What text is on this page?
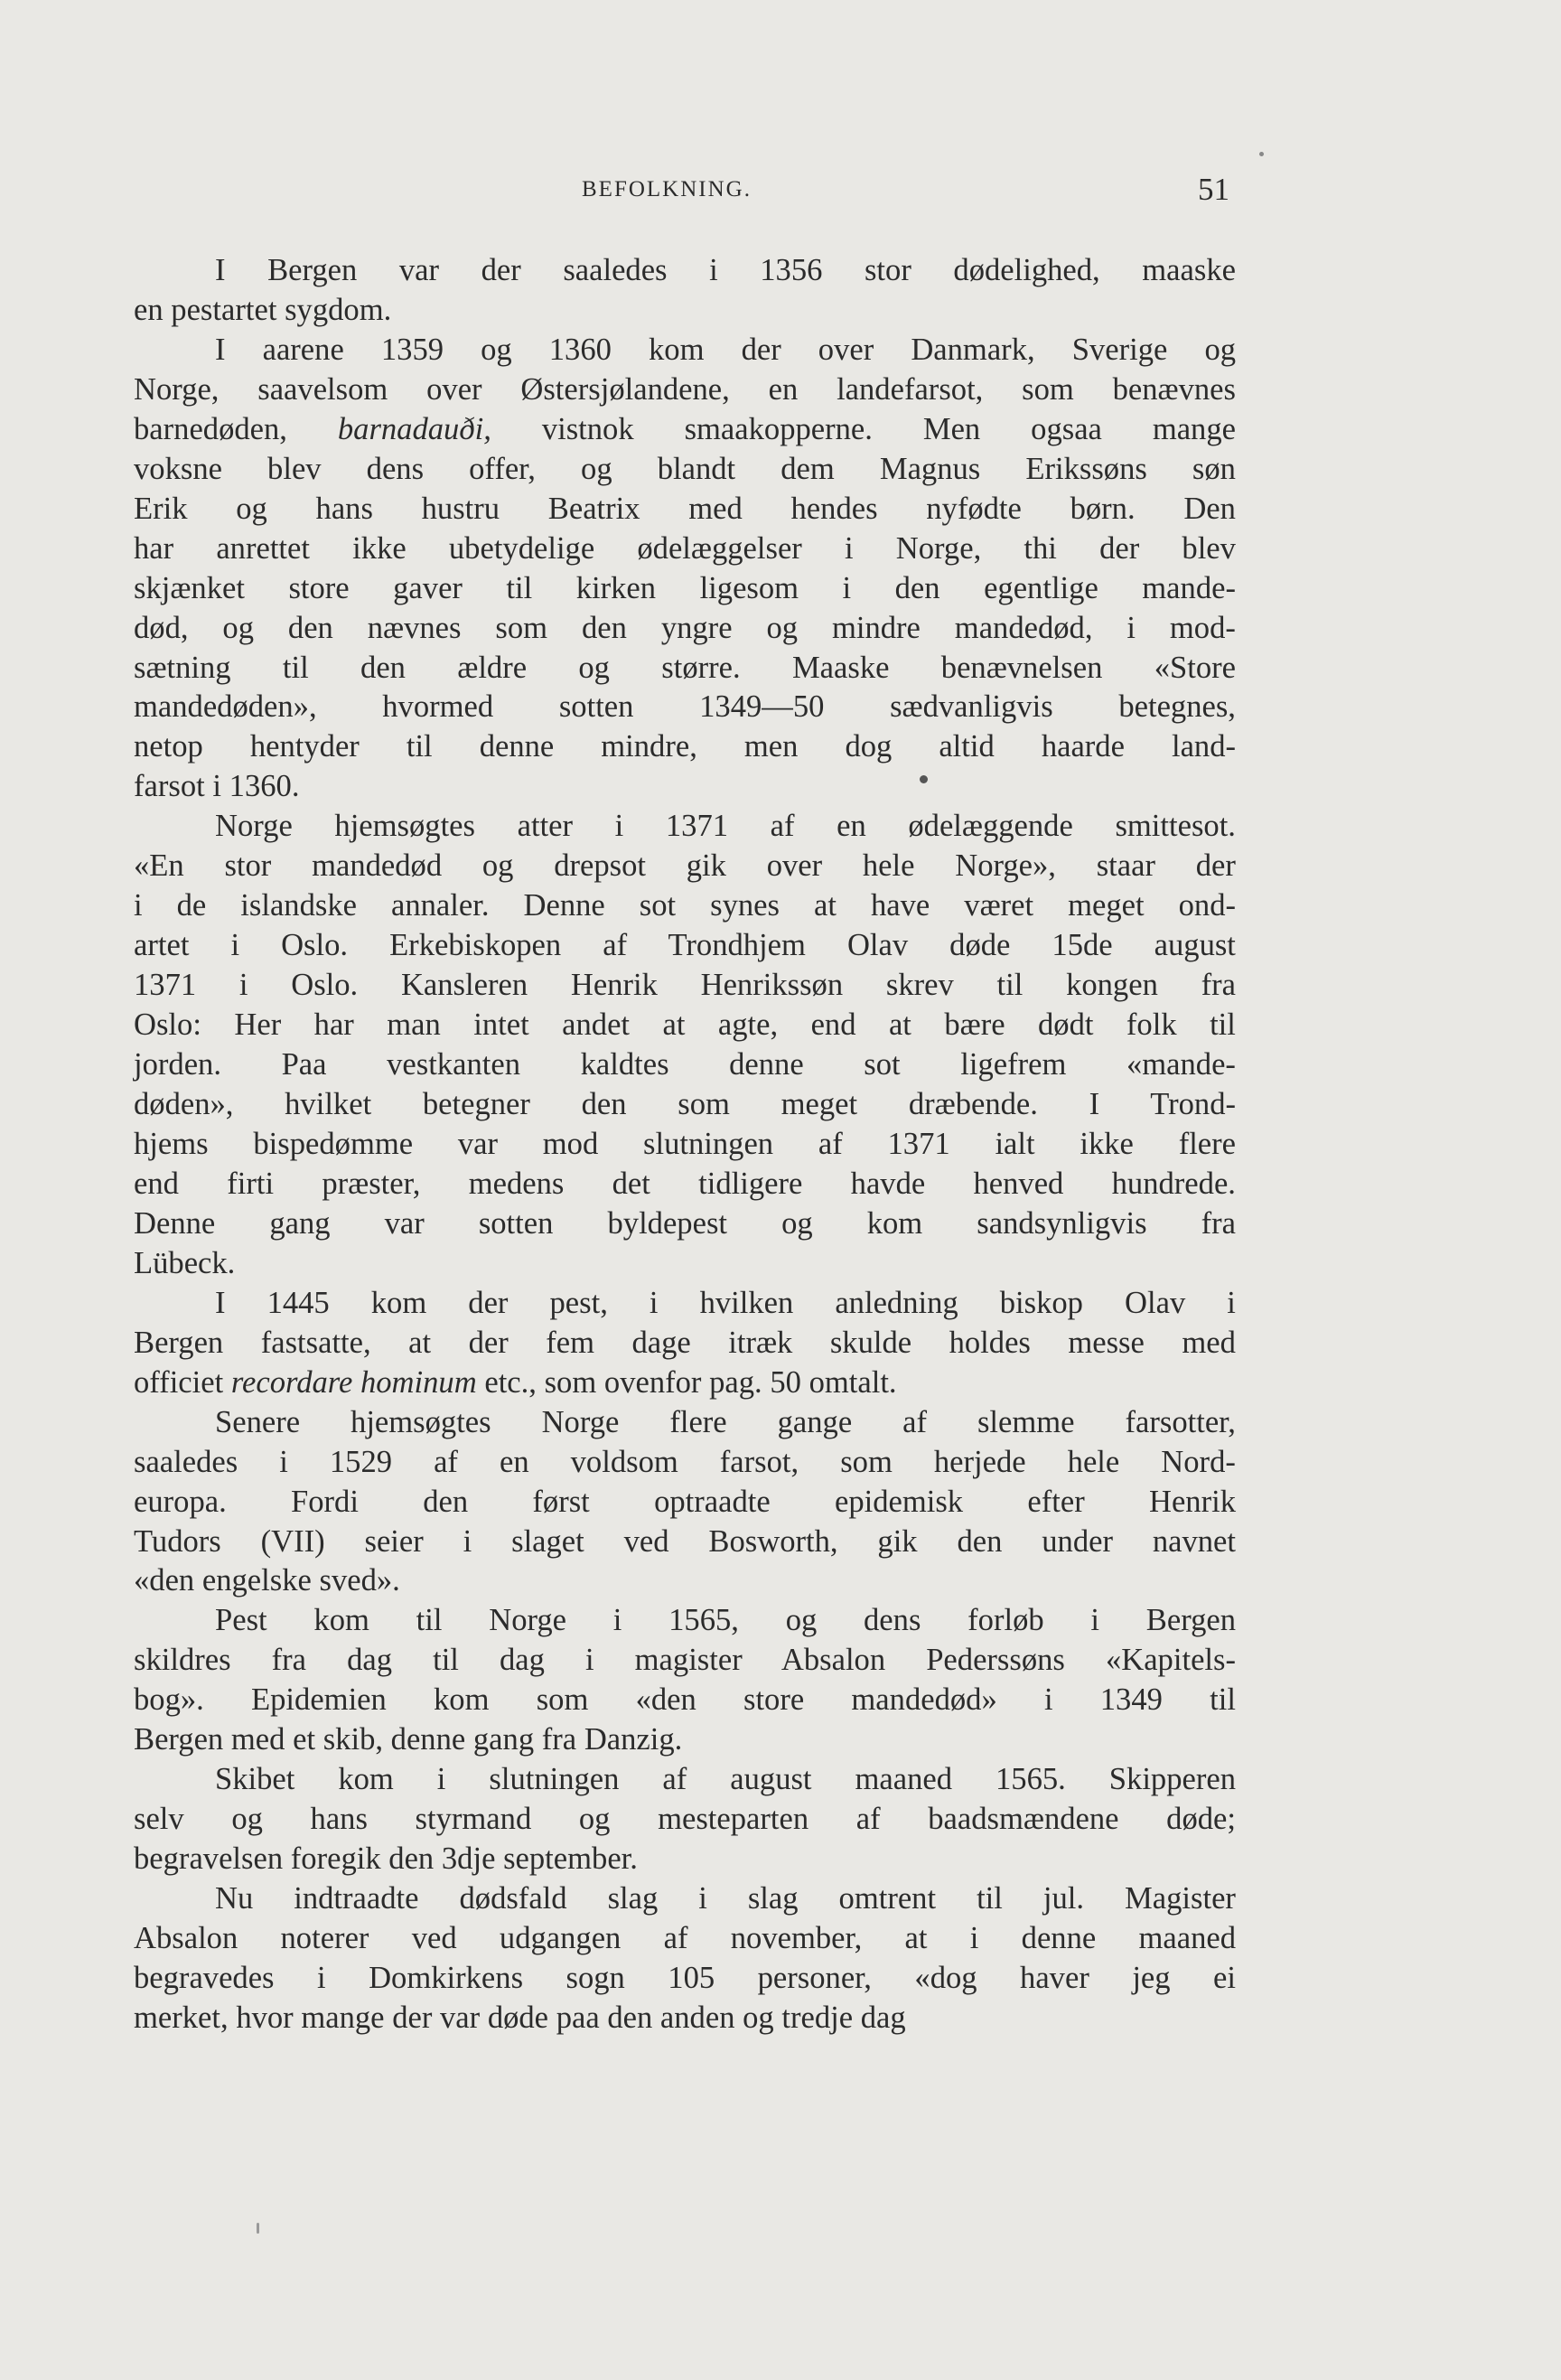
BEFOLKNING.	51

I Bergen var der saaledes i 1356 stor dødelighed, maaske
en pestartet sygdom.

I aarene 1359 og 1360 kom der over Danmark, Sverige og
Norge, saavelsom over Østersjølandene, en landefarsot, som benævnes
barnedøden, barnadauði, vistnok smaakopperne. Men ogsaa mange
voksne blev dens offer, og blandt dem Magnus Erikssøns søn
Erik og hans hustru Beatrix med hendes nyfødte børn. Den
har anrettet ikke ubetydelige ødelæggelser i Norge, thi der blev
skjænket store gaver til kirken ligesom i den egentlige mande-
død, og den nævnes som den yngre og mindre mandedød, i mod-
sætning til den ældre og større. Maaske benævnelsen «Store
mandedøden», hvormed sotten 1349—50 sædvanligvis betegnes,
netop hentyder til denne mindre, men dog altid haarde land-
farsot i 1360.

Norge hjemsøgtes atter i 1371 af en ødelæggende smittesot.
«En stor mandedød og drepsot gik over hele Norge», staar der
i de islandske annaler. Denne sot synes at have været meget ond-
artet i Oslo. Erkebiskopen af Trondhjem Olav døde 15de august
1371 i Oslo. Kansleren Henrik Henrikssøn skrev til kongen fra
Oslo: Her har man intet andet at agte, end at bære dødt folk til
jorden. Paa vestkanten kaldtes denne sot ligefrem «mande-
døden», hvilket betegner den som meget dræbende. I Trond-
hjems bispedømme var mod slutningen af 1371 ialt ikke flere
end firti præster, medens det tidligere havde henved hundrede.
Denne gang var sotten byldepest og kom sandsynligvis fra
Lübeck.

I 1445 kom der pest, i hvilken anledning biskop Olav i
Bergen fastsatte, at der fem dage itræk skulde holdes messe med
officiet recordare hominum etc., som ovenfor pag. 50 omtalt.

Senere hjemsøgtes Norge flere gange af slemme farsotter,
saaledes i 1529 af en voldsom farsot, som herjede hele Nord-
europa. Fordi den først optraadte epidemisk efter Henrik
Tudors (VII) seier i slaget ved Bosworth, gik den under navnet
«den engelske sved».

Pest kom til Norge i 1565, og dens forløb i Bergen
skildres fra dag til dag i magister Absalon Pederssøns «Kapitels-
bog». Epidemien kom som «den store mandedød» i 1349 til
Bergen med et skib, denne gang fra Danzig.

Skibet kom i slutningen af august maaned 1565. Skipperen
selv og hans styrmand og mesteparten af baadsmændene døde;
begravelsen foregik den 3dje september.

Nu indtraadte dødsfald slag i slag omtrent til jul. Magister
Absalon noterer ved udgangen af november, at i denne maaned
begravedes i Domkirkens sogn 105 personer, «dog haver jeg ei
merket, hvor mange der var døde paa den anden og tredje dag
